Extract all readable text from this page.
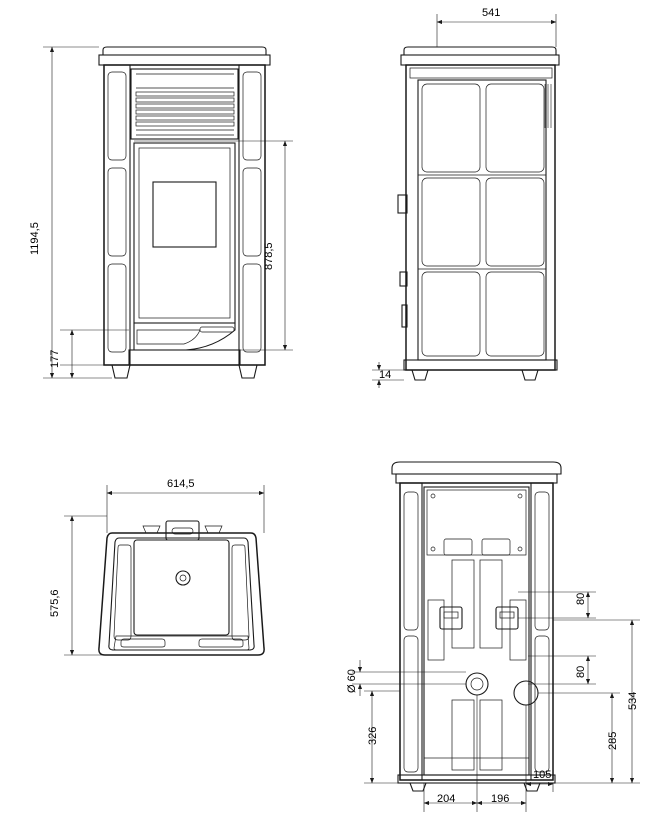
1194,5
878,5
177
541
14
614,5
575,6
Ø 60
326
534
285
80
80
204	196
105
